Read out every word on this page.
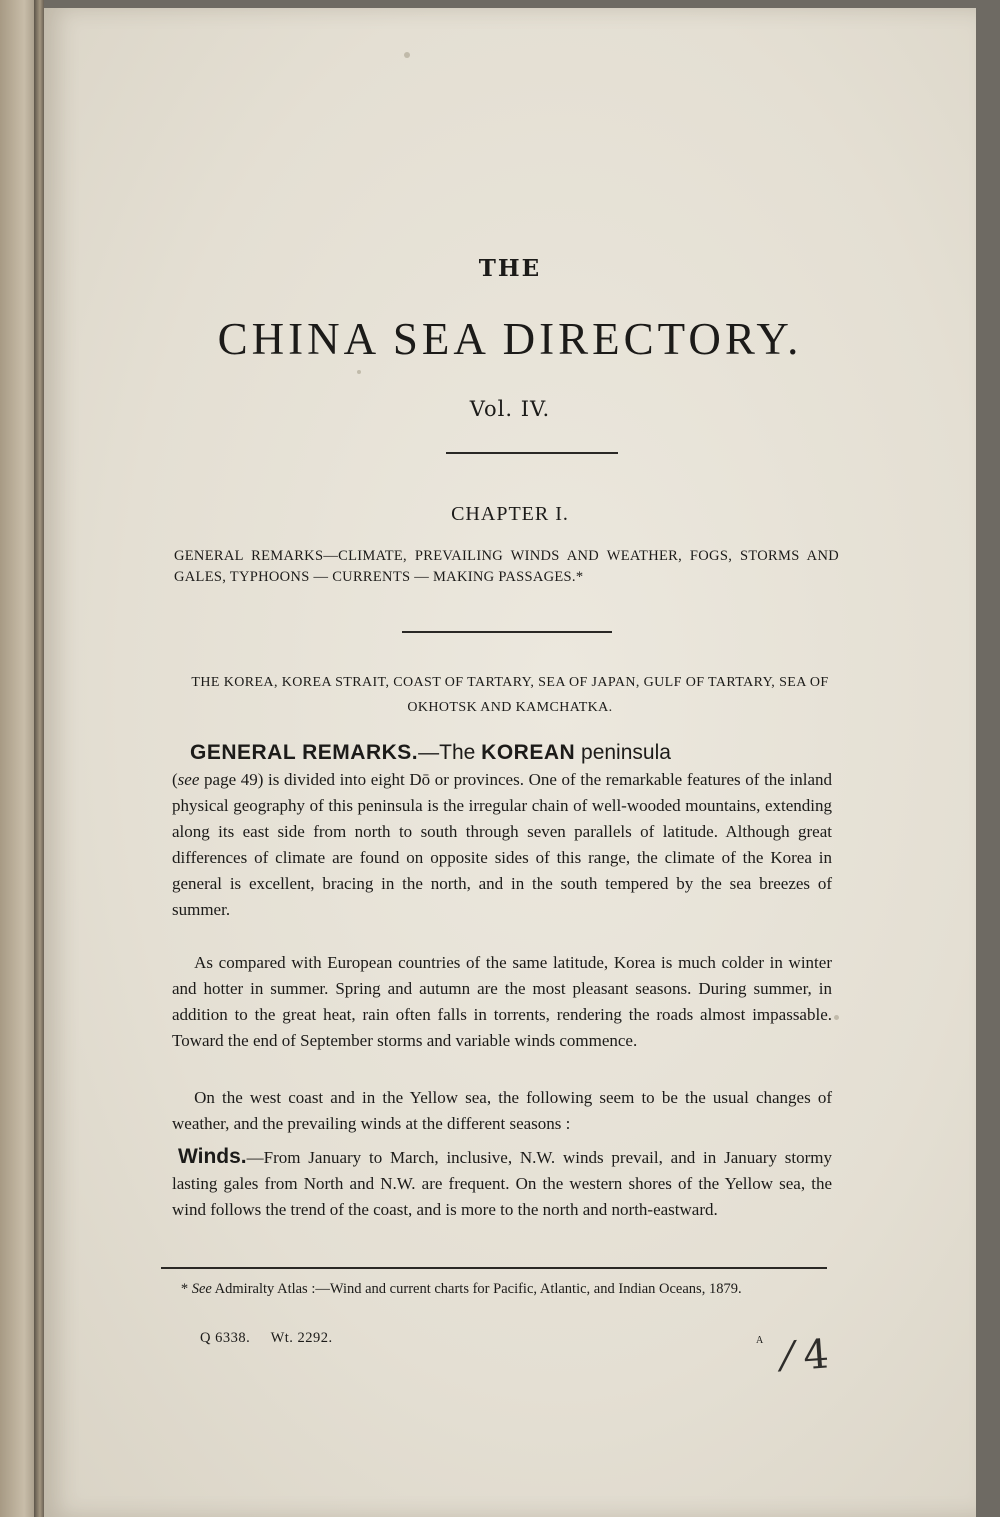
THE
CHINA SEA DIRECTORY.
Vol. IV.
CHAPTER I.
GENERAL REMARKS—CLIMATE, PREVAILING WINDS AND WEATHER, FOGS, STORMS AND GALES, TYPHOONS — CURRENTS — MAKING PASSAGES.*
THE KOREA, KOREA STRAIT, COAST OF TARTARY, SEA OF JAPAN, GULF OF TARTARY, SEA OF OKHOTSK AND KAMCHATKA.
GENERAL REMARKS.—The KOREAN peninsula
(see page 49) is divided into eight Dō or provinces. One of the remarkable features of the inland physical geography of this peninsula is the irregular chain of well-wooded mountains, extending along its east side from north to south through seven parallels of latitude. Although great differences of climate are found on opposite sides of this range, the climate of the Korea in general is excellent, bracing in the north, and in the south tempered by the sea breezes of summer.
As compared with European countries of the same latitude, Korea is much colder in winter and hotter in summer. Spring and autumn are the most pleasant seasons. During summer, in addition to the great heat, rain often falls in torrents, rendering the roads almost impassable. Toward the end of September storms and variable winds commence.
On the west coast and in the Yellow sea, the following seem to be the usual changes of weather, and the prevailing winds at the different seasons :
Winds.—From January to March, inclusive, N.W. winds prevail, and in January stormy lasting gales from North and N.W. are frequent. On the western shores of the Yellow sea, the wind follows the trend of the coast, and is more to the north and north-eastward.
* See Admiralty Atlas :—Wind and current charts for Pacific, Atlantic, and Indian Oceans, 1879.
Q 6338.     Wt. 2292.	A ⁄ 4
